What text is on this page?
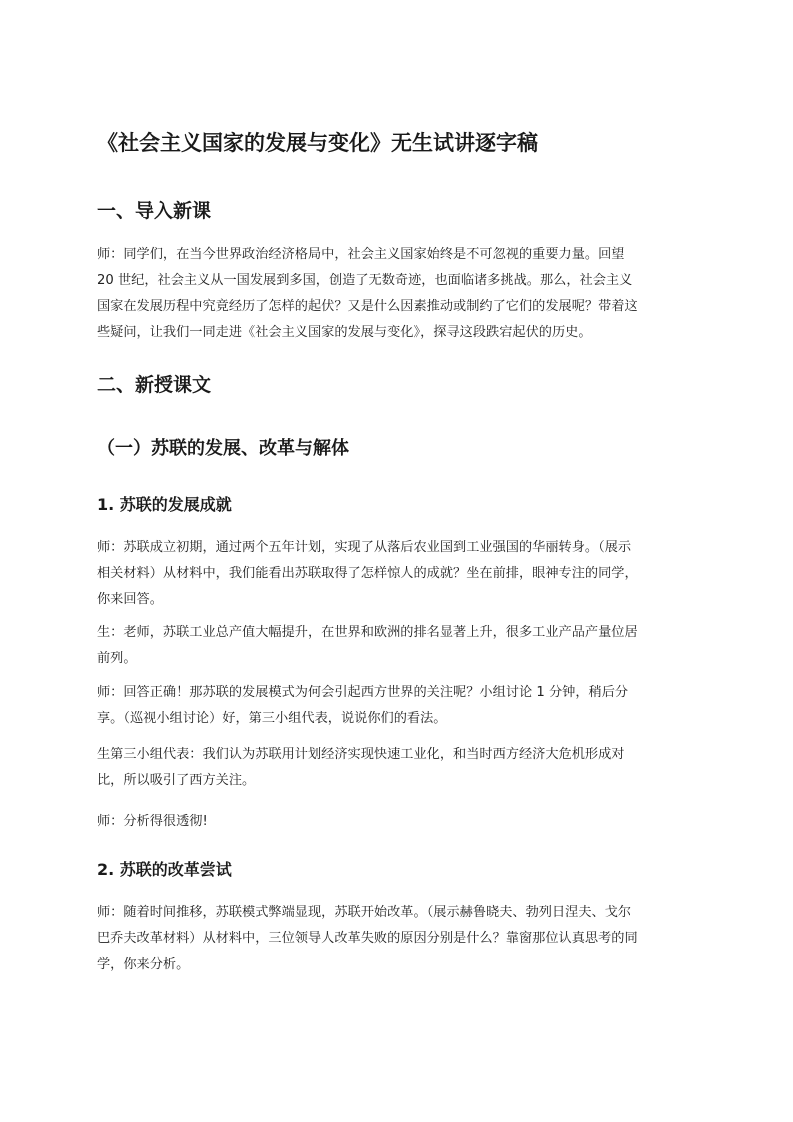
《社会主义国家的发展与变化》无生试讲逐字稿
一、导入新课

师：同学们，在当今世界政治经济格局中，社会主义国家始终是不可忽视的重要力量。回望
20 世纪，社会主义从一国发展到多国，创造了无数奇迹，也面临诸多挑战。那么，社会主义
国家在发展历程中究竟经历了怎样的起伏？又是什么因素推动或制约了它们的发展呢？带着这
些疑问，让我们一同走进《社会主义国家的发展与变化》，探寻这段跌宕起伏的历史。

二、新授课文
（一）苏联的发展、改革与解体
1. 苏联的发展成就

师：苏联成立初期，通过两个五年计划，实现了从落后农业国到工业强国的华丽转身。（展示
相关材料）从材料中，我们能看出苏联取得了怎样惊人的成就？坐在前排，眼神专注的同学，
你来回答。

生：老师，苏联工业总产值大幅提升，在世界和欧洲的排名显著上升，很多工业产品产量位居
前列。

师：回答正确！那苏联的发展模式为何会引起西方世界的关注呢？小组讨论 1 分钟，稍后分
享。（巡视小组讨论）好，第三小组代表，说说你们的看法。

生第三小组代表：我们认为苏联用计划经济实现快速工业化，和当时西方经济大危机形成对
比，所以吸引了西方关注。

师：分析得很透彻!

2. 苏联的改革尝试

师：随着时间推移，苏联模式弊端显现，苏联开始改革。（展示赫鲁晓夫、勃列日涅夫、戈尔
巴乔夫改革材料）从材料中，三位领导人改革失败的原因分别是什么？靠窗那位认真思考的同
学，你来分析。
